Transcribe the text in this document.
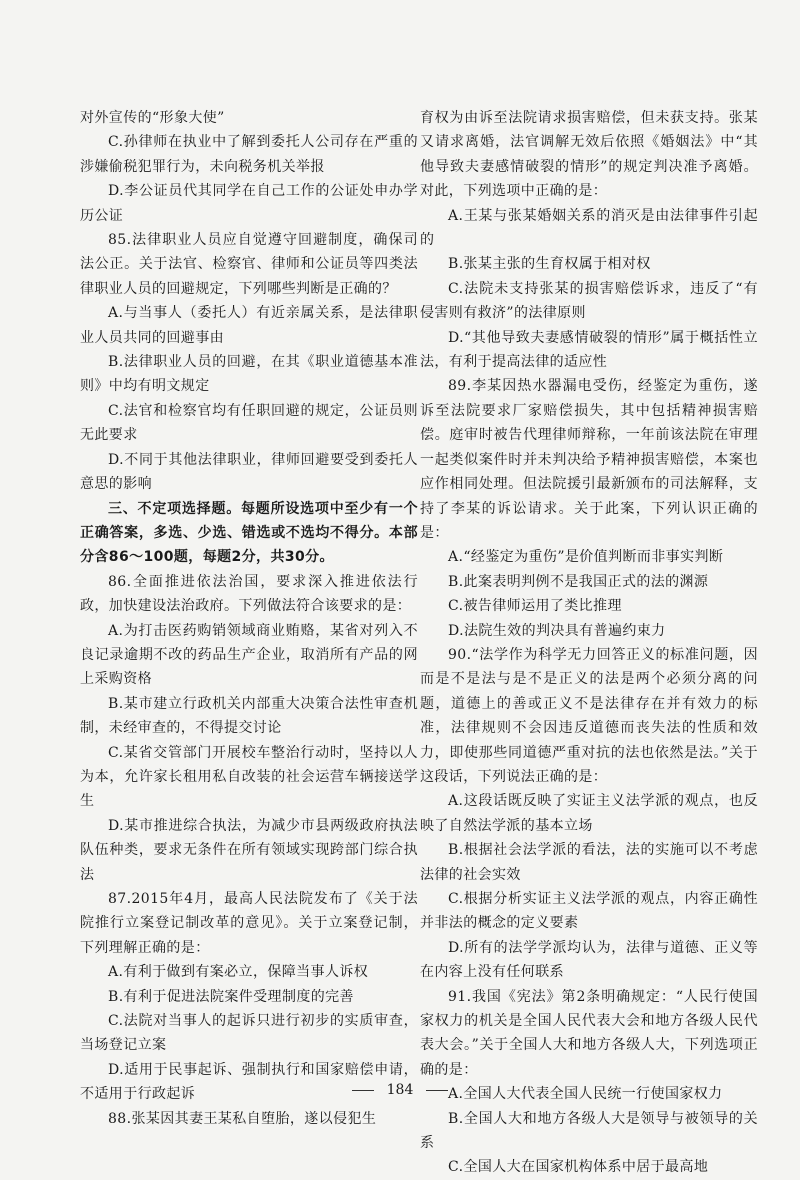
对外宣传的“形象大使”

C.孙律师在执业中了解到委托人公司存在严重的涉嫌偷税犯罪行为，未向税务机关举报

D.李公证员代其同学在自己工作的公证处申办学历公证

85.法律职业人员应自觉遵守回避制度，确保司法公正。关于法官、检察官、律师和公证员等四类法律职业人员的回避规定，下列哪些判断是正确的？

A.与当事人（委托人）有近亲属关系，是法律职业人员共同的回避事由

B.法律职业人员的回避，在其《职业道德基本准则》中均有明文规定

C.法官和检察官均有任职回避的规定，公证员则无此要求

D.不同于其他法律职业，律师回避要受到委托人意思的影响

三、不定项选择题。每题所设选项中至少有一个正确答案，多选、少选、错选或不选均不得分。本部分含86～100题，每题2分，共30分。

86.全面推进依法治国，要求深入推进依法行政，加快建设法治政府。下列做法符合该要求的是：

A.为打击医药购销领域商业贿赂，某省对列入不良记录逾期不改的药品生产企业，取消所有产品的网上采购资格

B.某市建立行政机关内部重大决策合法性审查机制，未经审查的，不得提交讨论

C.某省交管部门开展校车整治行动时，坚持以人为本，允许家长租用私自改装的社会运营车辆接送学生

D.某市推进综合执法，为减少市县两级政府执法队伍种类，要求无条件在所有领域实现跨部门综合执法

87.2015年4月，最高人民法院发布了《关于法院推行立案登记制改革的意见》。关于立案登记制，下列理解正确的是：

A.有利于做到有案必立，保障当事人诉权

B.有利于促进法院案件受理制度的完善

C.法院对当事人的起诉只进行初步的实质审查，当场登记立案

D.适用于民事起诉、强制执行和国家赔偿申请，不适用于行政起诉

88.张某因其妻王某私自堕胎，遂以侵犯生

育权为由诉至法院请求损害赔偿，但未获支持。张某又请求离婚，法官调解无效后依照《婚姻法》中“其他导致夫妻感情破裂的情形”的规定判决准予离婚。对此，下列选项中正确的是：

A.王某与张某婚姻关系的消灭是由法律事件引起的

B.张某主张的生育权属于相对权

C.法院未支持张某的损害赔偿诉求，违反了“有侵害则有救济”的法律原则

D.“其他导致夫妻感情破裂的情形”属于概括性立法，有利于提高法律的适应性

89.李某因热水器漏电受伤，经鉴定为重伤，遂诉至法院要求厂家赔偿损失，其中包括精神损害赔偿。庭审时被告代理律师辩称，一年前该法院在审理一起类似案件时并未判决给予精神损害赔偿，本案也应作相同处理。但法院援引最新颁布的司法解释，支持了李某的诉讼请求。关于此案，下列认识正确的是：

A.“经鉴定为重伤”是价值判断而非事实判断

B.此案表明判例不是我国正式的法的渊源

C.被告律师运用了类比推理

D.法院生效的判决具有普遍约束力

90.“法学作为科学无力回答正义的标准问题，因而是不是法与是不是正义的法是两个必须分离的问题，道德上的善或正义不是法律存在并有效力的标准，法律规则不会因违反道德而丧失法的性质和效力，即使那些同道德严重对抗的法也依然是法。”关于这段话，下列说法正确的是：

A.这段话既反映了实证主义法学派的观点，也反映了自然法学派的基本立场

B.根据社会法学派的看法，法的实施可以不考虑法律的社会实效

C.根据分析实证主义法学派的观点，内容正确性并非法的概念的定义要素

D.所有的法学学派均认为，法律与道德、正义等在内容上没有任何联系

91.我国《宪法》第2条明确规定：“人民行使国家权力的机关是全国人民代表大会和地方各级人民代表大会。”关于全国人大和地方各级人大，下列选项正确的是：

A.全国人大代表全国人民统一行使国家权力

B.全国人大和地方各级人大是领导与被领导的关系

C.全国人大在国家机构体系中居于最高地

184
